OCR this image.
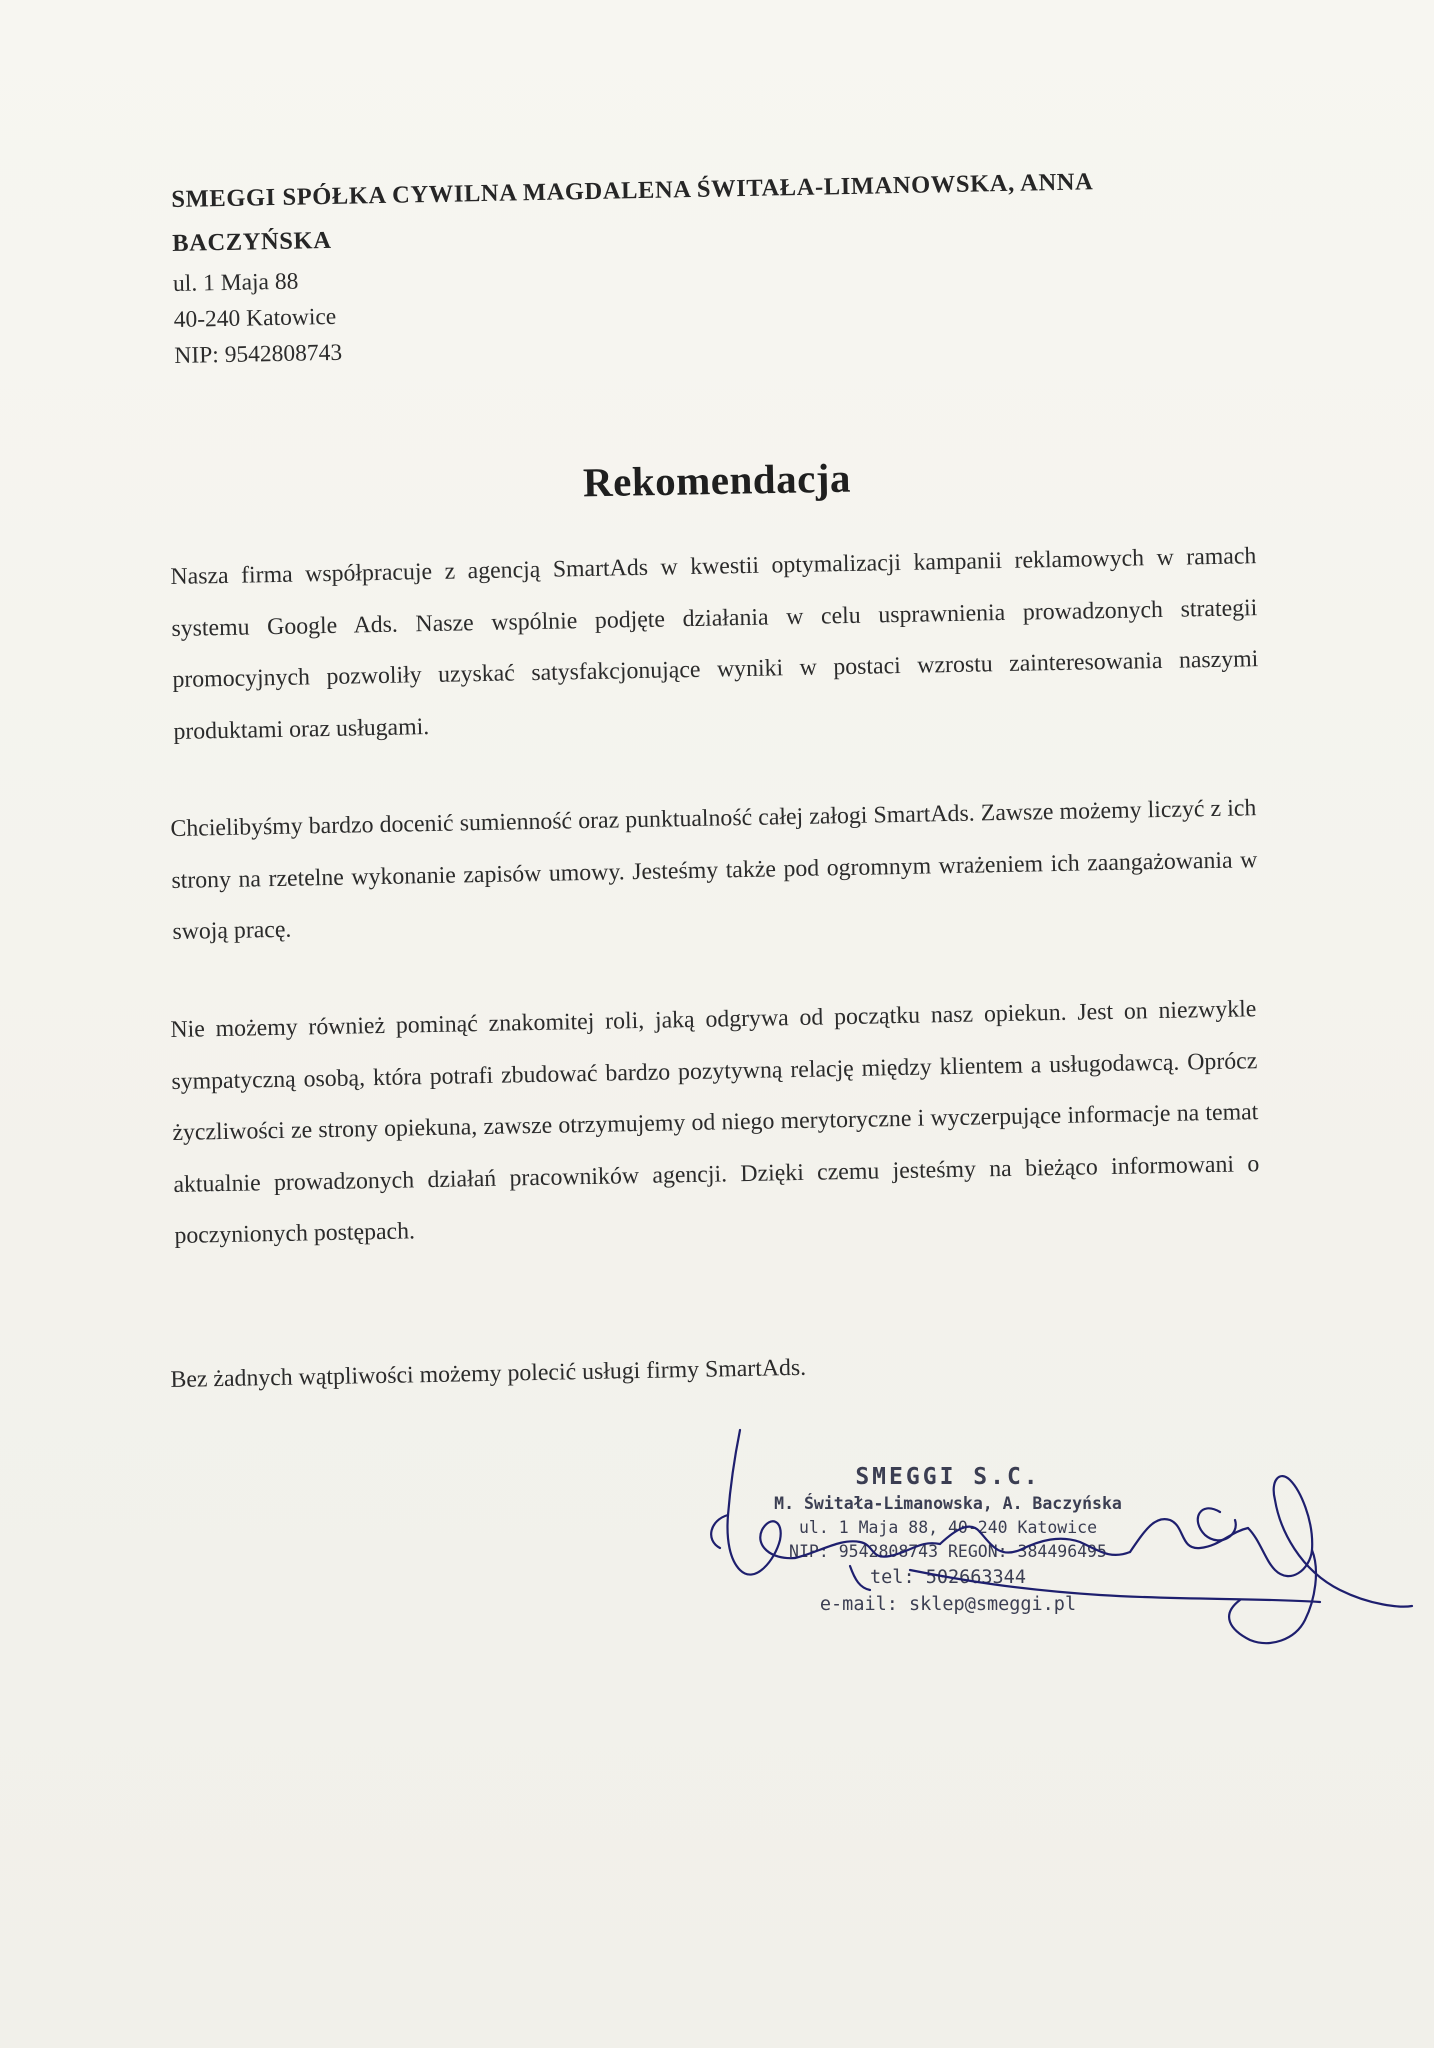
SMEGGI SPÓŁKA CYWILNA MAGDALENA ŚWITAŁA-LIMANOWSKA, ANNA BACZYŃSKA

ul. 1 Maja 88
40-240 Katowice
NIP: 9542808743
Rekomendacja

Nasza firma współpracuje z agencją SmartAds w kwestii optymalizacji kampanii reklamowych w ramach systemu Google Ads. Nasze wspólnie podjęte działania w celu usprawnienia prowadzonych strategii promocyjnych pozwoliły uzyskać satysfakcjonujące wyniki w postaci wzrostu zainteresowania naszymi produktami oraz usługami.

Chcielibyśmy bardzo docenić sumienność oraz punktualność całej załogi SmartAds. Zawsze możemy liczyć z ich strony na rzetelne wykonanie zapisów umowy. Jesteśmy także pod ogromnym wrażeniem ich zaangażowania w swoją pracę.

Nie możemy również pominąć znakomitej roli, jaką odgrywa od początku nasz opiekun. Jest on niezwykle sympatyczną osobą, która potrafi zbudować bardzo pozytywną relację między klientem a usługodawcą. Oprócz życzliwości ze strony opiekuna, zawsze otrzymujemy od niego merytoryczne i wyczerpujące informacje na temat aktualnie prowadzonych działań pracowników agencji. Dzięki czemu jesteśmy na bieżąco informowani o poczynionych postępach.

Bez żadnych wątpliwości możemy polecić usługi firmy SmartAds.

SMEGGI S.C.
M. Świtała-Limanowska, A. Baczyńska
ul. 1 Maja 88, 40-240 Katowice
NIP: 9542808743 REGON: 384496495
tel: 502663344
e-mail: sklep@smeggi.pl
